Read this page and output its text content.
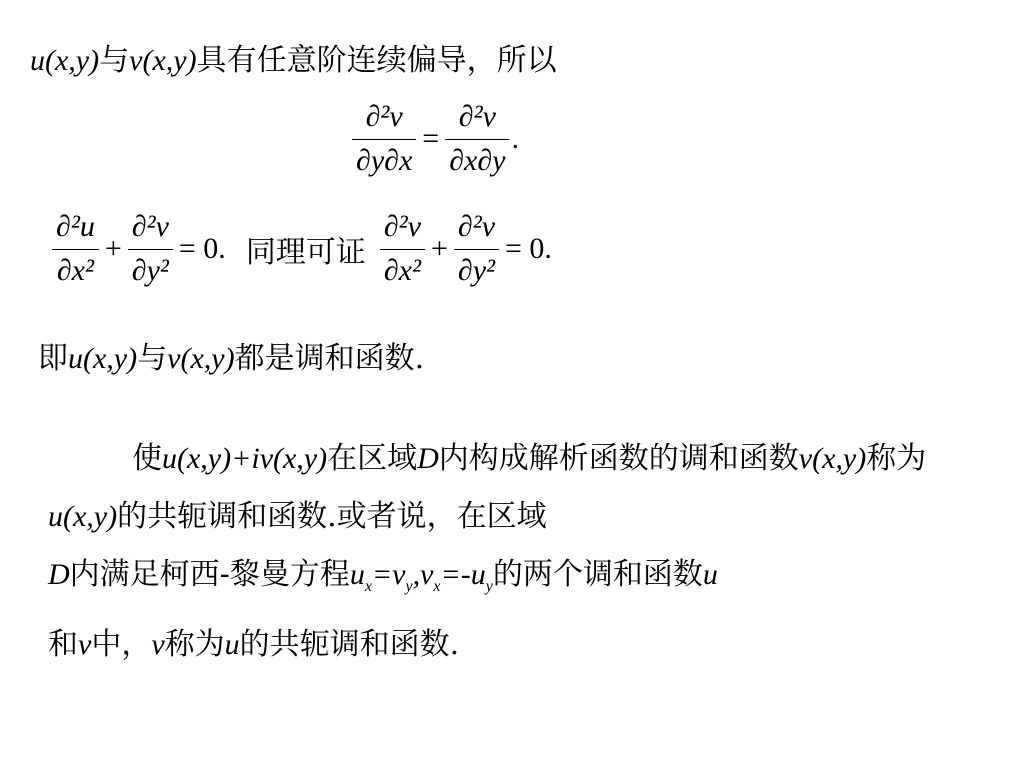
u(x,y)与v(x,y)具有任意阶连续偏导，所以
$\frac{\text{∂²v}}{\partial y\partial x} = \frac{\text{∂²v}}{\partial x\partial y}$ .
$\frac{\text{∂²u}}{\text{∂x²}} + \frac{\text{∂²v}}{\text{∂y²}} = 0$. 同理可证 $\frac{\text{∂²v}}{\text{∂x²}} + \frac{\text{∂²v}}{\text{∂y²}} = 0$.
即u(x,y)与v(x,y)都是调和函数.
使u(x,y)+iv(x,y)在区域D内构成解析函数的调和函数v(x,y)称为u(x,y)的共轭调和函数.或者说，在区域
D内满足柯西-黎曼方程$u_x=v_y,v_x=-u_y$的两个调和函数u
和v中，v称为u的共轭调和函数.
